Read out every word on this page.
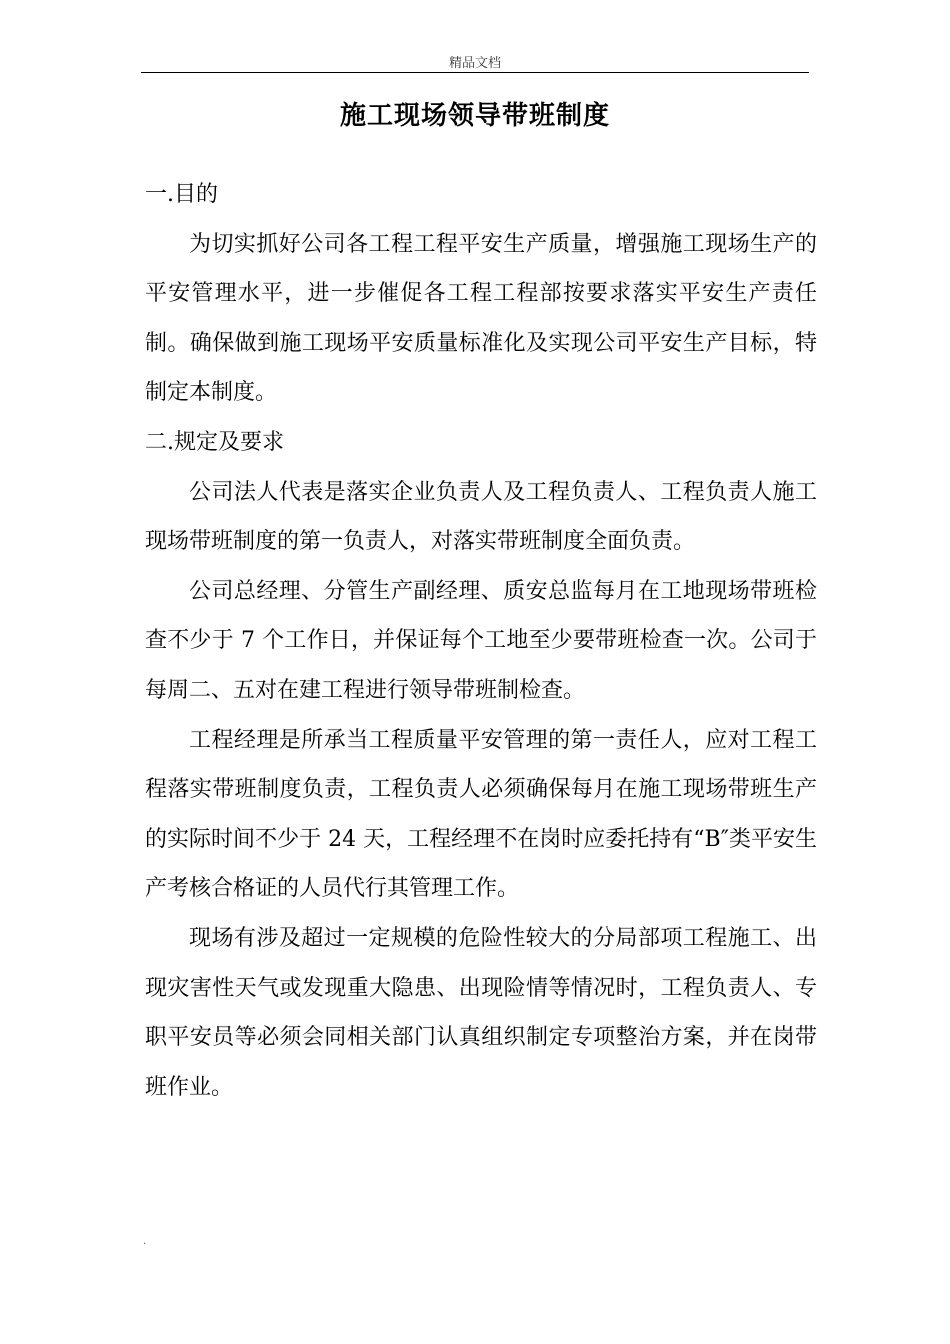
精品文档
施工现场领导带班制度
一.目的

为切实抓好公司各工程工程平安生产质量，增强施工现场生产的平安管理水平，进一步催促各工程工程部按要求落实平安生产责任制。确保做到施工现场平安质量标准化及实现公司平安生产目标，特制定本制度。

二.规定及要求

公司法人代表是落实企业负责人及工程负责人、工程负责人施工现场带班制度的第一负责人，对落实带班制度全面负责。

公司总经理、分管生产副经理、质安总监每月在工地现场带班检查不少于 7 个工作日，并保证每个工地至少要带班检查一次。公司于每周二、五对在建工程进行领导带班制检查。

工程经理是所承当工程质量平安管理的第一责任人，应对工程工程落实带班制度负责，工程负责人必须确保每月在施工现场带班生产的实际时间不少于 24 天，工程经理不在岗时应委托持有“B″类平安生产考核合格证的人员代行其管理工作。

现场有涉及超过一定规模的危险性较大的分局部项工程施工、出现灾害性天气或发现重大隐患、出现险情等情况时，工程负责人、专职平安员等必须会同相关部门认真组织制定专项整治方案，并在岗带班作业。

.
